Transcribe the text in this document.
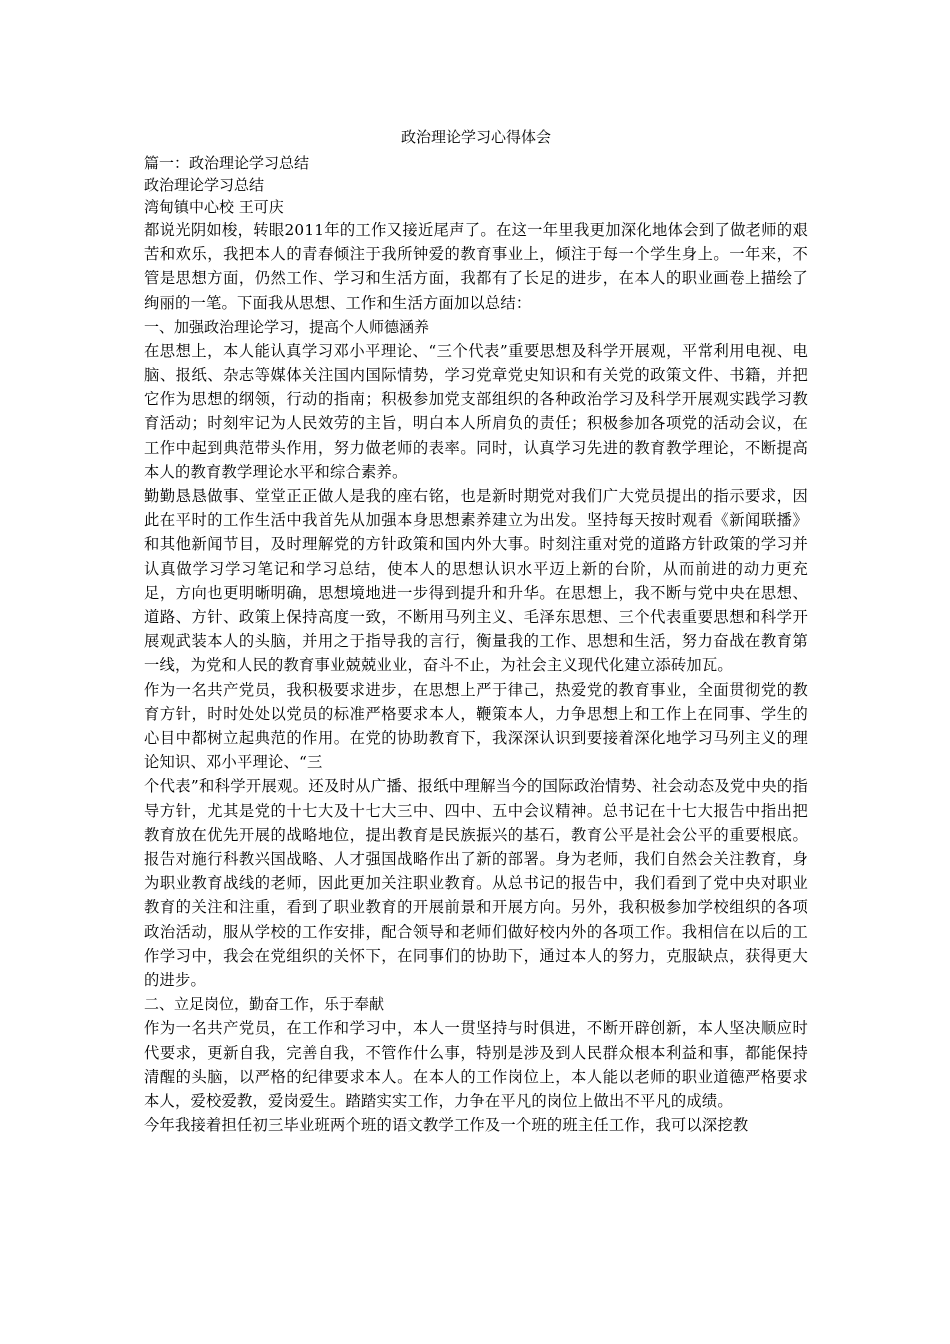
政治理论学习心得体会

篇一：政治理论学习总结

政治理论学习总结

湾甸镇中心校 王可庆

都说光阴如梭，转眼2011年的工作又接近尾声了。在这一年里我更加深化地体会到了做老师的艰苦和欢乐，我把本人的青春倾注于我所钟爱的教育事业上，倾注于每一个学生身上。一年来，不管是思想方面，仍然工作、学习和生活方面，我都有了长足的进步，在本人的职业画卷上描绘了绚丽的一笔。下面我从思想、工作和生活方面加以总结：

一、加强政治理论学习，提高个人师德涵养

在思想上，本人能认真学习邓小平理论、“三个代表”重要思想及科学开展观，平常利用电视、电脑、报纸、杂志等媒体关注国内国际情势，学习党章党史知识和有关党的政策文件、书籍，并把它作为思想的纲领，行动的指南；积极参加党支部组织的各种政治学习及科学开展观实践学习教育活动；时刻牢记为人民效劳的主旨，明白本人所肩负的责任；积极参加各项党的活动会议，在工作中起到典范带头作用，努力做老师的表率。同时，认真学习先进的教育教学理论，不断提高本人的教育教学理论水平和综合素养。

勤勤恳恳做事、堂堂正正做人是我的座右铭，也是新时期党对我们广大党员提出的指示要求，因此在平时的工作生活中我首先从加强本身思想素养建立为出发。坚持每天按时观看《新闻联播》和其他新闻节目，及时理解党的方针政策和国内外大事。时刻注重对党的道路方针政策的学习并认真做学习学习笔记和学习总结，使本人的思想认识水平迈上新的台阶，从而前进的动力更充足，方向也更明晰明确，思想境地进一步得到提升和升华。在思想上，我不断与党中央在思想、道路、方针、政策上保持高度一致，不断用马列主义、毛泽东思想、三个代表重要思想和科学开展观武装本人的头脑，并用之于指导我的言行，衡量我的工作、思想和生活，努力奋战在教育第一线，为党和人民的教育事业兢兢业业，奋斗不止，为社会主义现代化建立添砖加瓦。

作为一名共产党员，我积极要求进步，在思想上严于律己，热爱党的教育事业，全面贯彻党的教育方针，时时处处以党员的标准严格要求本人，鞭策本人，力争思想上和工作上在同事、学生的心目中都树立起典范的作用。在党的协助教育下，我深深认识到要接着深化地学习马列主义的理论知识、邓小平理论、“三

个代表”和科学开展观。还及时从广播、报纸中理解当今的国际政治情势、社会动态及党中央的指导方针，尤其是党的十七大及十七大三中、四中、五中会议精神。总书记在十七大报告中指出把教育放在优先开展的战略地位，提出教育是民族振兴的基石，教育公平是社会公平的重要根底。报告对施行科教兴国战略、人才强国战略作出了新的部署。身为老师，我们自然会关注教育，身为职业教育战线的老师，因此更加关注职业教育。从总书记的报告中，我们看到了党中央对职业教育的关注和注重，看到了职业教育的开展前景和开展方向。另外，我积极参加学校组织的各项政治活动，服从学校的工作安排，配合领导和老师们做好校内外的各项工作。我相信在以后的工作学习中，我会在党组织的关怀下，在同事们的协助下，通过本人的努力，克服缺点，获得更大的进步。

二、立足岗位，勤奋工作，乐于奉献

作为一名共产党员，在工作和学习中，本人一贯坚持与时俱进，不断开辟创新，本人坚决顺应时代要求，更新自我，完善自我，不管作什么事，特别是涉及到人民群众根本利益和事，都能保持清醒的头脑，以严格的纪律要求本人。在本人的工作岗位上，本人能以老师的职业道德严格要求本人，爱校爱教，爱岗爱生。踏踏实实工作，力争在平凡的岗位上做出不平凡的成绩。

今年我接着担任初三毕业班两个班的语文教学工作及一个班的班主任工作，我可以深挖教
